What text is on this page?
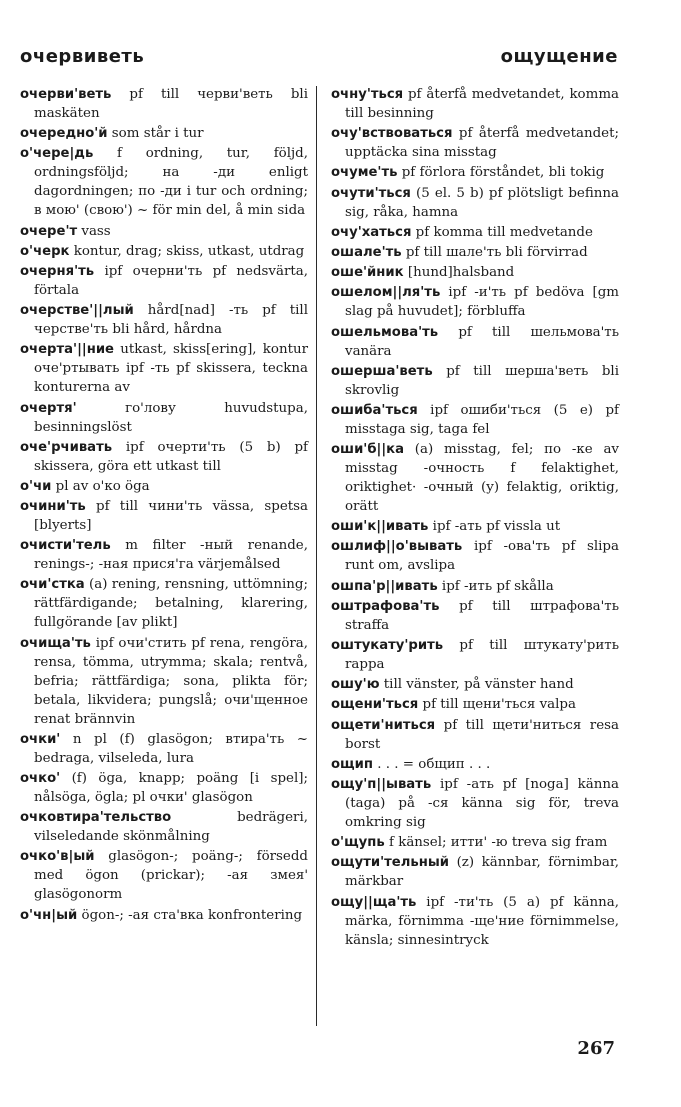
очервиветь	ощущение
очерви'веть pf till черви'веть bli maskäten
очередно'й som står i tur
о'черe|дь f ordning, tur, följd, ordningsföljd; на -ди enligt dagordningen; по -ди i tur och ordning; в мою' (свою') ~ för min del, å min sida
очере'т vass
о'черк kontur, drag; skiss, utkast, utdrag
очерня'ть ipf очерни'ть pf nedsvärta, förtala
очерстве'||лый hård[nad] -ть pf till черстве'ть bli hård, hårdna
очерта'||ние utkast, skiss[ering], kontur оче'ртывать ipf -ть pf skissera, teckna konturerna av
очертя' го'лову huvudstupa, besinningslöst
оче'рчивать ipf очерти'ть (5 b) pf skissera, göra ett utkast till
о'чи pl av о'ко öga
очини'ть pf till чини'ть vässa, spetsa [blyerts]
очисти'тель m filter -ный renande, renings-; -ная прися'га värjemålsed
очи'стка (a) rening, rensning, uttömning; rättfärdigande; betalning, klarering, fullgörande [av plikt]
очища'ть ipf очи'стить pf rena, rengöra, rensa, tömma, utrymma; skala; rentvå, befria; rättfärdiga; sona, plikta för; betala, likvidera; pungslå; очи'щенное renat brännvin
очки' n pl (f) glasögon; втира'ть ~ bedraga, vilseleda, lura
очко' (f) öga, knapp; poäng [i spel]; nålsöga, ögla; pl очки' glasögon
очковтира'тельство bedrägeri, vilseledande skönmålning
очко'в|ый glasögon-; poäng-; försedd med ögon (prickar); -ая змея' glasögonorm
о'чн|ый ögon-; -ая ста'вка konfrontering
очну'ться pf återfå medvetandet, komma till besinning
очу'вствоваться pf återfå medvetandet; upptäcka sina misstag
очуме'ть pf förlora förståndet, bli tokig
очути'ться (5 el. 5 b) pf plötsligt befinna sig, råka, hamna
очу'хаться pf komma till medvetande
ошале'ть pf till шале'ть bli förvirrad
оше'йник [hund]halsband
ошелом||ля'ть ipf -и'ть pf bedöva [gm slag på huvudet]; förbluffa
ошельмова'ть pf till шельмова'ть vanära
ошерша'веть pf till шерша'веть bli skrovlig
ошиба'ться ipf ошиби'ться (5 e) pf misstaga sig, taga fel
оши'б||ка (a) misstag, fel; по -ке av misstag -очность f felaktighet, oriktighet· -очный (y) felaktig, oriktig, orätt
оши'к||ивать ipf -ать pf vissla ut
ошлиф||о'вывать ipf -ова'ть pf slipa runt om, avslipa
ошпа'р||ивать ipf -ить pf skålla
оштрафова'ть pf till штрафова'ть straffa
оштукату'рить pf till штукату'рить rappa
ошу'ю till vänster, på vänster hand
ощени'ться pf till щени'ться valpa
ощети'ниться pf till щети'ниться resa borst
ощип . . . = общип . . .
ощу'п||ывать ipf -ать pf [noga] känna (taga) på -ся känna sig för, treva omkring sig
о'щупь f känsel; итти' -ю treva sig fram
ощути'тельный (z) kännbar, förnimbar, märkbar
ощу||ща'ть ipf -ти'ть (5 a) pf känna, märka, förnimma -ще'ние förnimmelse, känsla; sinnesintryck
267
